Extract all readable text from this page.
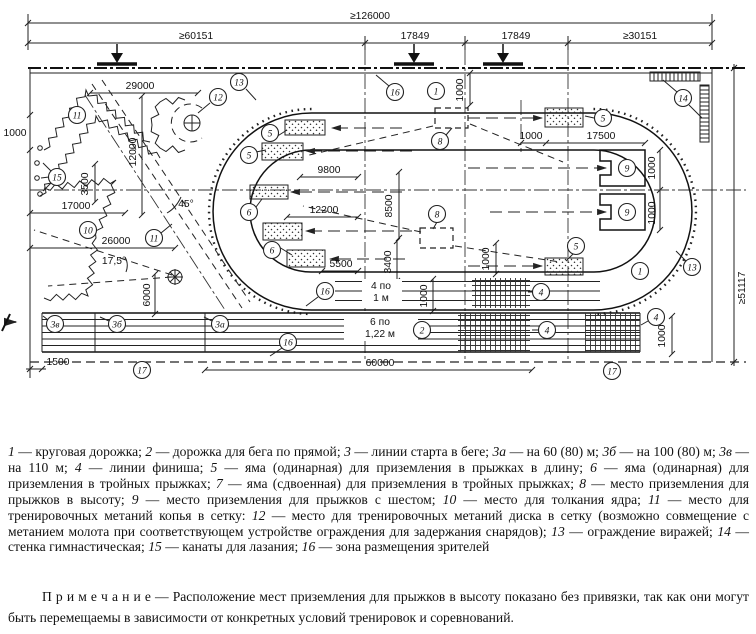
≥126000
≥60151	17849	17849	≥30151
≥51117
29000
1000
12000
3500
17000
26000
17,5°
45°
6000
9800
12200	8500
3400
5500
1000
1000
1000	17500
1000
1000
1000
1000
1500	60000
4 по
1 м
6 по
1,22 м
1
1
2
3а
3б
3в
4
4
4
5
5
5
5
6
6
8
8
9
9
10
11
11
12
13
13
14
15
16
16
16
17	17

1 — круговая дорожка; 2 — дорожка для бега по прямой; 3 — линии старта в беге; 3а — на 60 (80) м; 3б — на 100 (80) м; 3в — на 110 м; 4 — линии финиша; 5 — яма (одинарная) для приземления в прыжках в длину; 6 — яма (одинарная) для приземления в тройных прыжках; 7 — яма (сдвоенная) для приземления в тройных прыжках; 8 — место приземления для прыжков в высоту; 9 — место приземления для прыжков с шестом; 10 — место для толкания ядра; 11 — место для тренировочных метаний копья в сетку: 12 — место для тренировочных метаний диска в сетку (возможно совмещение с метанием молота при соответствующем устройстве ограждения для задержания снарядов); 13 — ограждение виражей; 14 — стенка гимнастическая; 15 — канаты для лазания; 16 — зона размещения зрителей

П р и м е ч а н и е — Расположение мест приземления для прыжков в высоту показано без привязки, так как они могут быть перемещаемы в зависимости от конкретных условий тренировок и соревнований.
